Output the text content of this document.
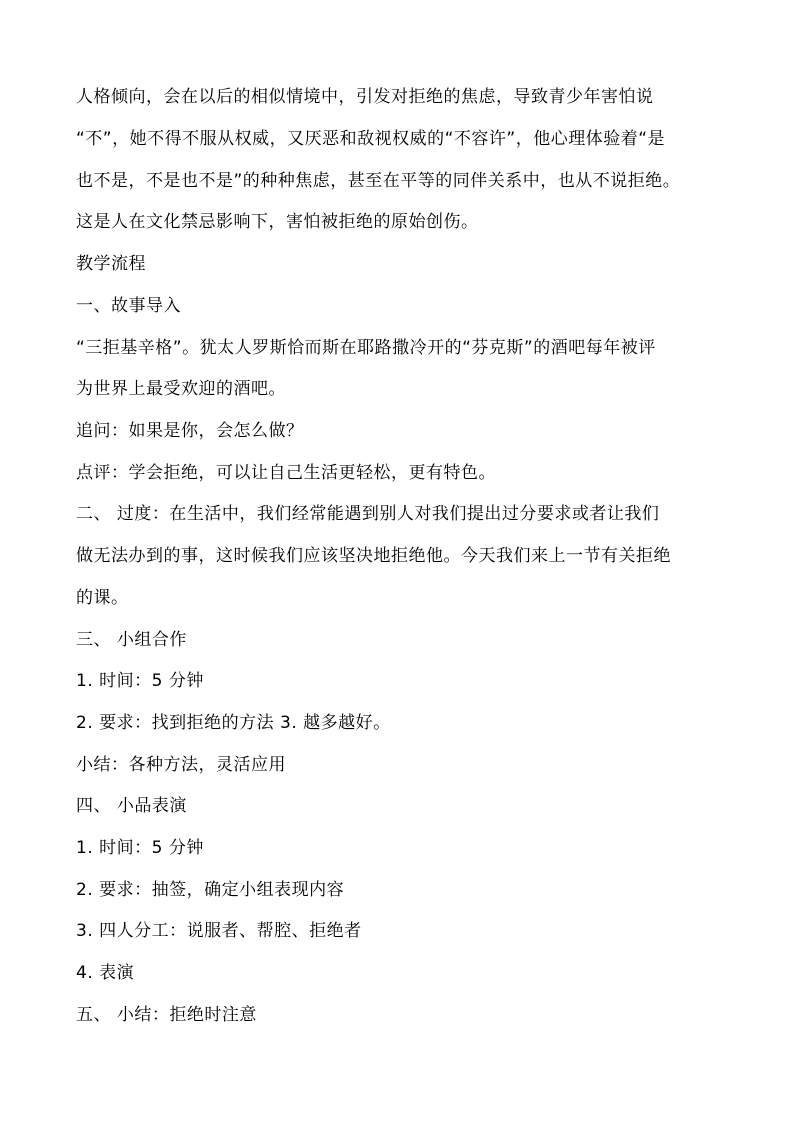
人格倾向，会在以后的相似情境中，引发对拒绝的焦虑，导致青少年害怕说
“不”，她不得不服从权威，又厌恶和敌视权威的“不容许”，他心理体验着“是
也不是，不是也不是”的种种焦虑，甚至在平等的同伴关系中，也从不说拒绝。
这是人在文化禁忌影响下，害怕被拒绝的原始创伤。
教学流程
一、故事导入
“三拒基辛格”。犹太人罗斯恰而斯在耶路撒冷开的“芬克斯”的酒吧每年被评
为世界上最受欢迎的酒吧。
追问：如果是你，会怎么做？
点评：学会拒绝，可以让自己生活更轻松，更有特色。
二、 过度：在生活中，我们经常能遇到别人对我们提出过分要求或者让我们
做无法办到的事，这时候我们应该坚决地拒绝他。今天我们来上一节有关拒绝
的课。
三、 小组合作
1. 时间：5 分钟
2. 要求：找到拒绝的方法 3. 越多越好。
小结：各种方法，灵活应用
四、 小品表演
1. 时间：5 分钟
2. 要求：抽签，确定小组表现内容
3. 四人分工：说服者、帮腔、拒绝者
4. 表演
五、 小结：拒绝时注意
